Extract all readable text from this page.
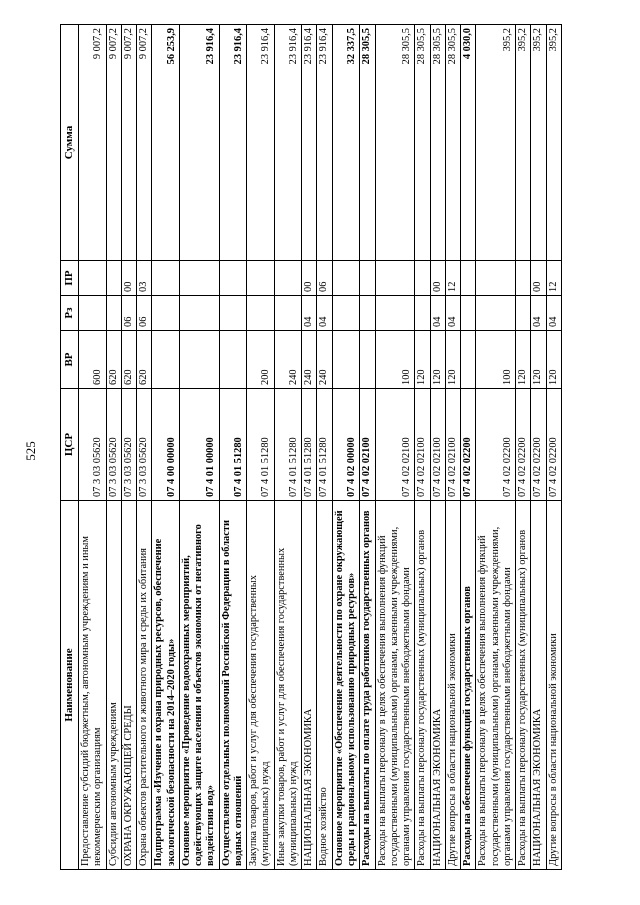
525
Наименование	ЦСР	ВР	Рз	ПР	Сумма
Предоставление субсидий бюджетным, автономным учреждениям и иным некоммерческим организациям	07 3 03 05620	600			9 007,2
Субсидии автономным учреждениям	07 3 03 05620	620			9 007,2
ОХРАНА ОКРУЖАЮЩЕЙ СРЕДЫ	07 3 03 05620	620	06	00	9 007,2
Охрана объектов растительного и животного мира и среды их обитания	07 3 03 05620	620	06	03	9 007,2
Подпрограмма «Изучение и охрана природных ресурсов, обеспечение экологической безопасности на 2014–2020 годы»	07 4 00 00000				56 253,9
Основное мероприятие «Проведение водоохранных мероприятий, содействующих защите населения и объектов экономики от негативного воздействия вод»	07 4 01 00000				23 916,4
Осуществление отдельных полномочий Российской Федерации в области водных отношений	07 4 01 51280				23 916,4
Закупка товаров, работ и услуг для обеспечения государственных (муниципальных) нужд	07 4 01 51280	200			23 916,4
Иные закупки товаров, работ и услуг для обеспечения государственных (муниципальных) нужд	07 4 01 51280	240			23 916,4
НАЦИОНАЛЬНАЯ ЭКОНОМИКА	07 4 01 51280	240	04	00	23 916,4
Водное хозяйство	07 4 01 51280	240	04	06	23 916,4
Основное мероприятие «Обеспечение деятельности по охране окружающей среды и рациональному использованию природных ресурсов»	07 4 02 00000				32 337,5
Расходы на выплаты по оплате труда работников государственных органов	07 4 02 02100				28 305,5
Расходы на выплаты персоналу в целях обеспечения выполнения функций государственными (муниципальными) органами, казенными учреждениями, органами управления государственными внебюджетными фондами	07 4 02 02100	100			28 305,5
Расходы на выплаты персоналу государственных (муниципальных) органов	07 4 02 02100	120			28 305,5
НАЦИОНАЛЬНАЯ ЭКОНОМИКА	07 4 02 02100	120	04	00	28 305,5
Другие вопросы в области национальной экономики	07 4 02 02100	120	04	12	28 305,5
Расходы на обеспечение функций государственных органов	07 4 02 02200				4 030,0
Расходы на выплаты персоналу в целях обеспечения выполнения функций государственными (муниципальными) органами, казенными учреждениями, органами управления государственными внебюджетными фондами	07 4 02 02200	100			395,2
Расходы на выплаты персоналу государственных (муниципальных) органов	07 4 02 02200	120			395,2
НАЦИОНАЛЬНАЯ ЭКОНОМИКА	07 4 02 02200	120	04	00	395,2
Другие вопросы в области национальной экономики	07 4 02 02200	120	04	12	395,2
